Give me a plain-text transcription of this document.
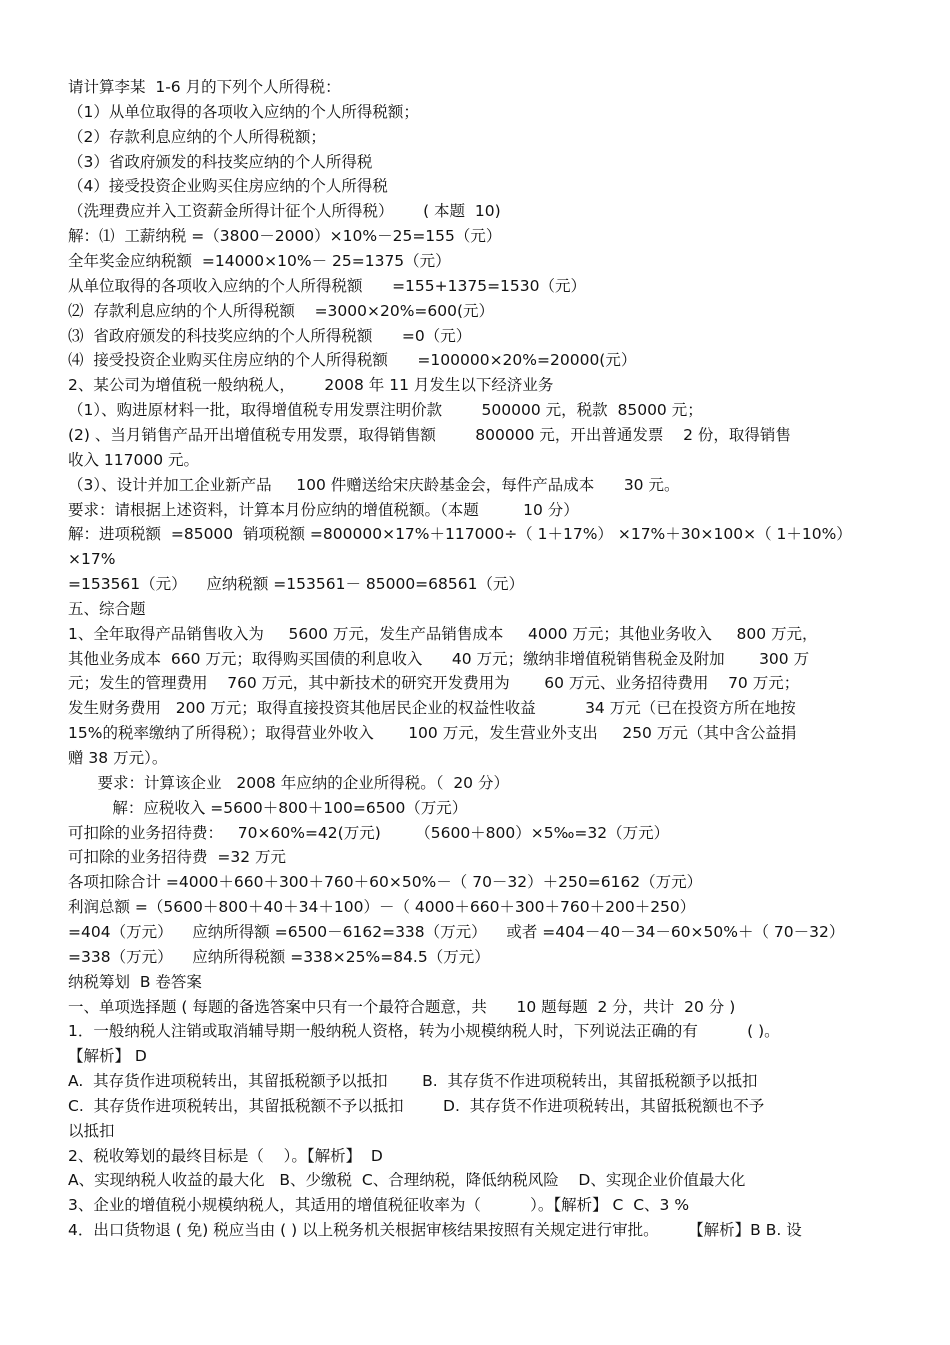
请计算李某  1-6 月的下列个人所得税：
（1）从单位取得的各项收入应纳的个人所得税额；
（2）存款利息应纳的个人所得税额；
（3）省政府颁发的科技奖应纳的个人所得税
（4）接受投资企业购买住房应纳的个人所得税
（洗理费应并入工资薪金所得计征个人所得税）      ( 本题  10)
解：⑴  工薪纳税 =（3800－2000）×10%－25=155（元）
全年奖金应纳税额  =14000×10%－ 25=1375（元）
从单位取得的各项收入应纳的个人所得税额      =155+1375=1530（元）
⑵  存款利息应纳的个人所得税额    =3000×20%=600(元）
⑶  省政府颁发的科技奖应纳的个人所得税额      =0（元）
⑷  接受投资企业购买住房应纳的个人所得税额      =100000×20%=20000(元）
2、某公司为增值税一般纳税人，      2008 年 11 月发生以下经济业务
（1）、购进原材料一批，取得增值税专用发票注明价款        500000 元，税款  85000 元；
(2) 、当月销售产品开出增值税专用发票，取得销售额        800000 元，开出普通发票    2 份，取得销售
收入 117000 元。
（3）、设计并加工企业新产品     100 件赠送给宋庆龄基金会，每件产品成本      30 元。
要求：请根据上述资料，计算本月份应纳的增值税额。（本题         10 分）
解：进项税额  =85000  销项税额 =800000×17%＋117000÷（ 1＋17%） ×17%＋30×100×（ 1＋10%）
×17%
=153561（元）    应纳税额 =153561－ 85000=68561（元）
五、综合题
1、全年取得产品销售收入为     5600 万元，发生产品销售成本     4000 万元；其他业务收入     800 万元，
其他业务成本  660 万元；取得购买国债的利息收入      40 万元；缴纳非增值税销售税金及附加       300 万
元；发生的管理费用    760 万元，其中新技术的研究开发费用为       60 万元、业务招待费用    70 万元；
发生财务费用   200 万元；取得直接投资其他居民企业的权益性收益          34 万元（已在投资方所在地按
15%的税率缴纳了所得税）；取得营业外收入       100 万元，发生营业外支出     250 万元（其中含公益捐
赠 38 万元）。
要求：计算该企业   2008 年应纳的企业所得税。（  20 分）
解：应税收入 =5600＋800＋100=6500（万元）
可扣除的业务招待费：   70×60%=42(万元)       （5600＋800）×5‰=32（万元）
可扣除的业务招待费  =32 万元
各项扣除合计 =4000＋660＋300＋760＋60×50%－（ 70－32）＋250=6162（万元）
利润总额 =（5600＋800＋40＋34＋100）－（ 4000＋660＋300＋760＋200＋250）
=404（万元）    应纳所得额 =6500－6162=338（万元）    或者 =404－40－34－60×50%＋（ 70－32）
=338（万元）    应纳所得税额 =338×25%=84.5（万元）
纳税筹划  B 卷答案
一、单项选择题 ( 每题的备选答案中只有一个最符合题意，共      10 题每题  2 分，共计  20 分 )
1．一般纳税人注销或取消辅导期一般纳税人资格，转为小规模纳税人时，下列说法正确的有          ( )。
【解析】 D
A.  其存货作进项税转出，其留抵税额予以抵扣       B.  其存货不作进项税转出，其留抵税额予以抵扣
C.  其存货作进项税转出，其留抵税额不予以抵扣        D.  其存货不作进项税转出，其留抵税额也不予
以抵扣
2、税收筹划的最终目标是（    ）。【解析】  D
A、实现纳税人收益的最大化   B、少缴税  C、合理纳税，降低纳税风险    D、实现企业价值最大化
3、企业的增值税小规模纳税人，其适用的增值税征收率为（          ）。【解析】 C  C、3 %
4．出口货物退 ( 免) 税应当由 ( ) 以上税务机关根据审核结果按照有关规定进行审批。      【解析】B B. 设
